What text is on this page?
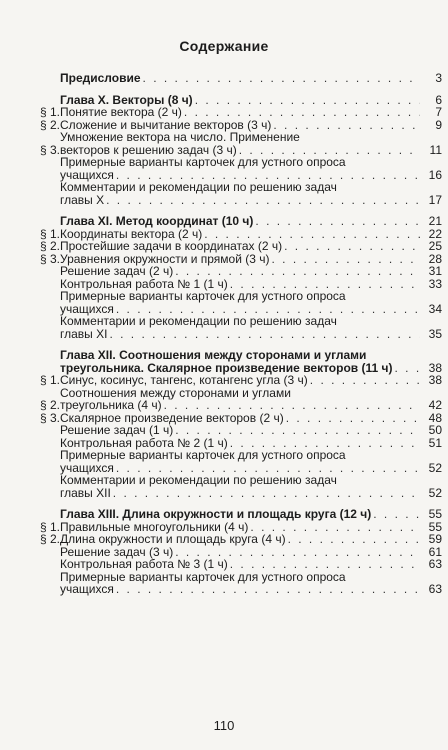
Содержание
Предисловие . . .	3
Глава X. Векторы (8 ч) . . .	6
§ 1. Понятие вектора (2 ч) . . .	7
§ 2. Сложение и вычитание векторов (3 ч) . . .	9
§ 3.
Умножение вектора на число. Применение
векторов к решению задач (3 ч) . . .	11
Примерные варианты карточек для устного опроса
учащихся . . .	16
Комментарии и рекомендации по решению задач
главы X . . .	17
Глава XI. Метод координат (10 ч) . . .	21
§ 1. Координаты вектора (2 ч) . . .	22
§ 2. Простейшие задачи в координатах (2 ч) . . .	25
§ 3. Уравнения окружности и прямой (3 ч) . . .	28
Решение задач (2 ч) . . .	31
Контрольная работа № 1 (1 ч) . . .	33
Примерные варианты карточек для устного опроса
учащихся . . .	34
Комментарии и рекомендации по решению задач
главы XI . . .	35
Глава XII. Соотношения между сторонами и углами
треугольника. Скалярное произведение векторов (11 ч) . . .	38
§ 1. Синус, косинус, тангенс, котангенс угла (3 ч) . . .	38
§ 2.
Соотношения между сторонами и углами
треугольника (4 ч) . . .	42
§ 3. Скалярное произведение векторов (2 ч) . . .	48
Решение задач (1 ч) . . .	50
Контрольная работа № 2 (1 ч) . . .	51
Примерные варианты карточек для устного опроса
учащихся . . .	52
Комментарии и рекомендации по решению задач
главы XII . . .	52
Глава XIII. Длина окружности и площадь круга (12 ч) . . .	55
§ 1. Правильные многоугольники (4 ч) . . .	55
§ 2. Длина окружности и площадь круга (4 ч) . . .	59
Решение задач (3 ч) . . .	61
Контрольная работа № 3 (1 ч) . . .	63
Примерные варианты карточек для устного опроса
учащихся . . .	63
110
